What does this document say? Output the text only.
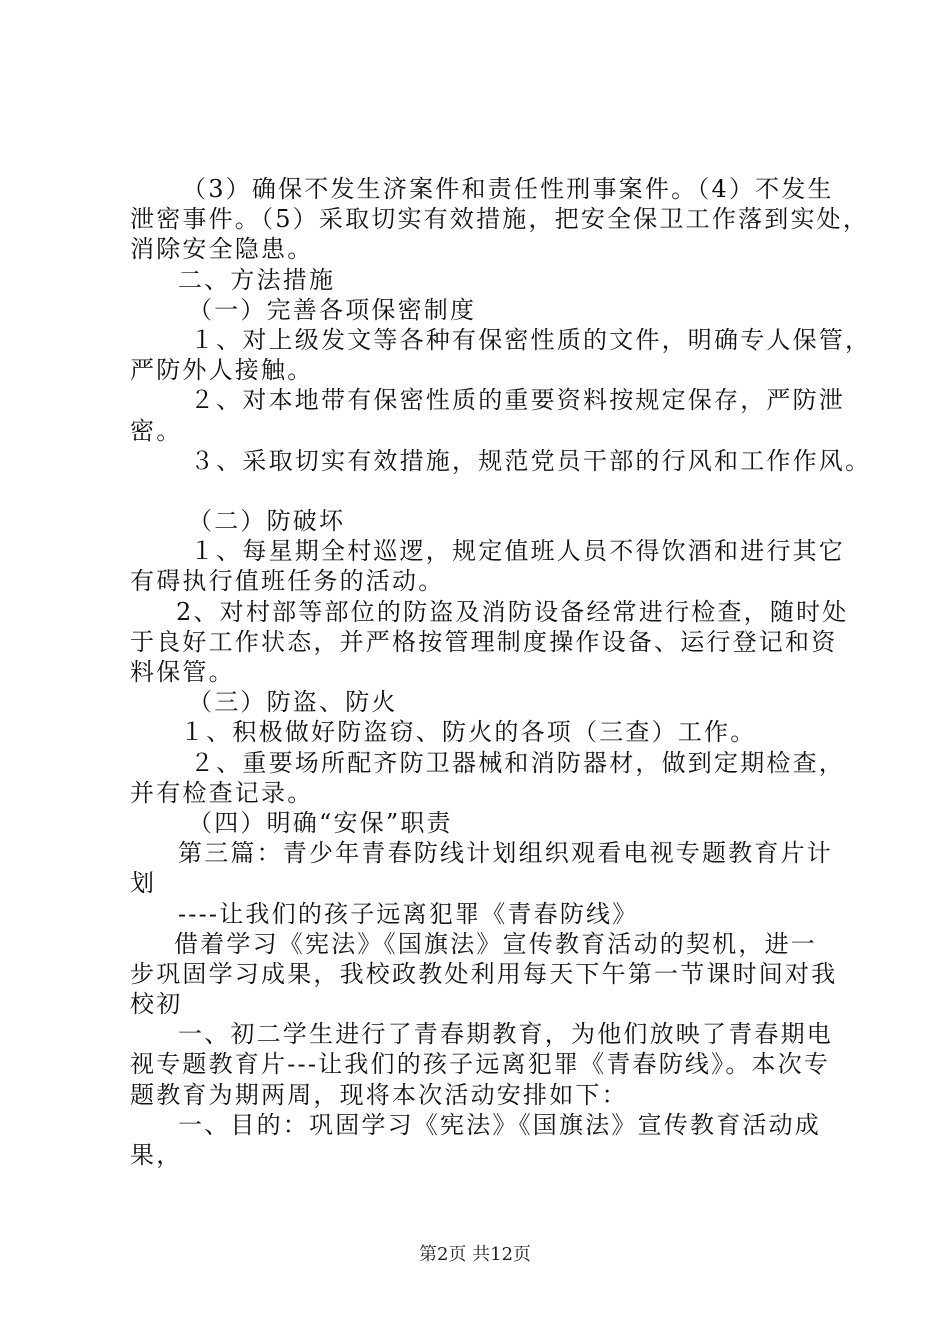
（3）确保不发生济案件和责任性刑事案件。（4）不发生
泄密事件。（5）采取切实有效措施，把安全保卫工作落到实处，
消除安全隐患。
二、方法措施
（一）完善各项保密制度
１、对上级发文等各种有保密性质的文件，明确专人保管，
严防外人接触。
２、对本地带有保密性质的重要资料按规定保存，严防泄
密。
３、采取切实有效措施，规范党员干部的行风和工作作风。
（二）防破坏
１、每星期全村巡逻，规定值班人员不得饮酒和进行其它
有碍执行值班任务的活动。
2、对村部等部位的防盗及消防设备经常进行检查，随时处
于良好工作状态，并严格按管理制度操作设备、运行登记和资
料保管。
（三）防盗、防火
１、积极做好防盗窃、防火的各项（三查）工作。
２、重要场所配齐防卫器械和消防器材，做到定期检查，
并有检查记录。
（四）明确“安保”职责
第三篇：青少年青春防线计划组织观看电视专题教育片计
划
----让我们的孩子远离犯罪《青春防线》
借着学习《宪法》《国旗法》宣传教育活动的契机，进一
步巩固学习成果，我校政教处利用每天下午第一节课时间对我
校初
一、初二学生进行了青春期教育，为他们放映了青春期电
视专题教育片---让我们的孩子远离犯罪《青春防线》。本次专
题教育为期两周，现将本次活动安排如下：
一、目的：巩固学习《宪法》《国旗法》宣传教育活动成
果，
第2页 共12页
